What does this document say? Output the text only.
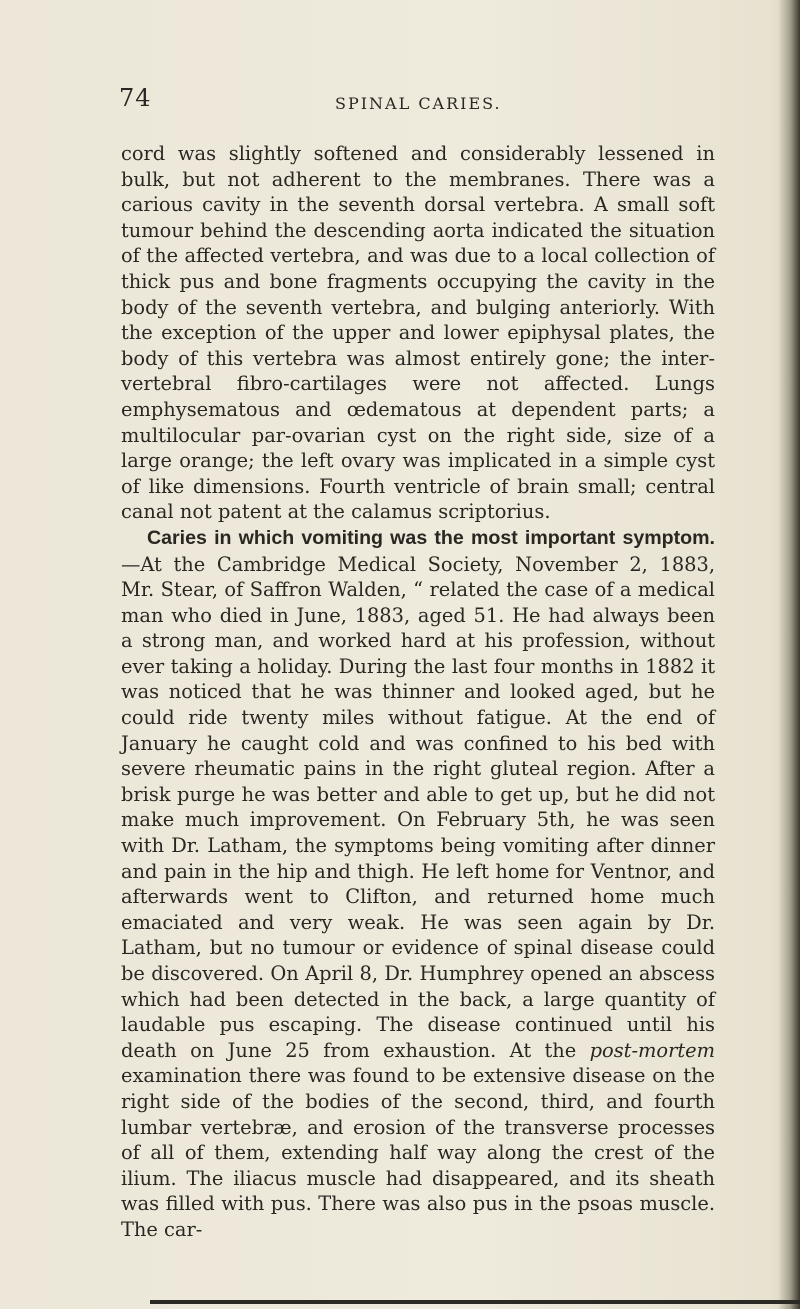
74	SPINAL CARIES.

cord was slightly softened and considerably lessened in bulk, but not adherent to the membranes. There was a carious cavity in the seventh dorsal vertebra. A small soft tumour behind the descending aorta indicated the situation of the affected vertebra, and was due to a local collection of thick pus and bone fragments occupying the cavity in the body of the seventh vertebra, and bulging anteriorly. With the exception of the upper and lower epiphysal plates, the body of this vertebra was almost entirely gone; the inter-vertebral fibro-cartilages were not affected. Lungs emphysematous and œdematous at dependent parts; a multilocular par-ovarian cyst on the right side, size of a large orange; the left ovary was implicated in a simple cyst of like dimensions. Fourth ventricle of brain small; central canal not patent at the calamus scriptorius.

Caries in which vomiting was the most important symptom.—At the Cambridge Medical Society, November 2, 1883, Mr. Stear, of Saffron Walden, “ related the case of a medical man who died in June, 1883, aged 51. He had always been a strong man, and worked hard at his profession, without ever taking a holiday. During the last four months in 1882 it was noticed that he was thinner and looked aged, but he could ride twenty miles without fatigue. At the end of January he caught cold and was confined to his bed with severe rheumatic pains in the right gluteal region. After a brisk purge he was better and able to get up, but he did not make much improvement. On February 5th, he was seen with Dr. Latham, the symptoms being vomiting after dinner and pain in the hip and thigh. He left home for Ventnor, and afterwards went to Clifton, and returned home much emaciated and very weak. He was seen again by Dr. Latham, but no tumour or evidence of spinal disease could be discovered. On April 8, Dr. Humphrey opened an abscess which had been detected in the back, a large quantity of laudable pus escaping. The disease continued until his death on June 25 from exhaustion. At the post-mortem examination there was found to be extensive disease on the right side of the bodies of the second, third, and fourth lumbar vertebræ, and erosion of the transverse processes of all of them, extending half way along the crest of the ilium. The iliacus muscle had disappeared, and its sheath was filled with pus. There was also pus in the psoas muscle. The car-
